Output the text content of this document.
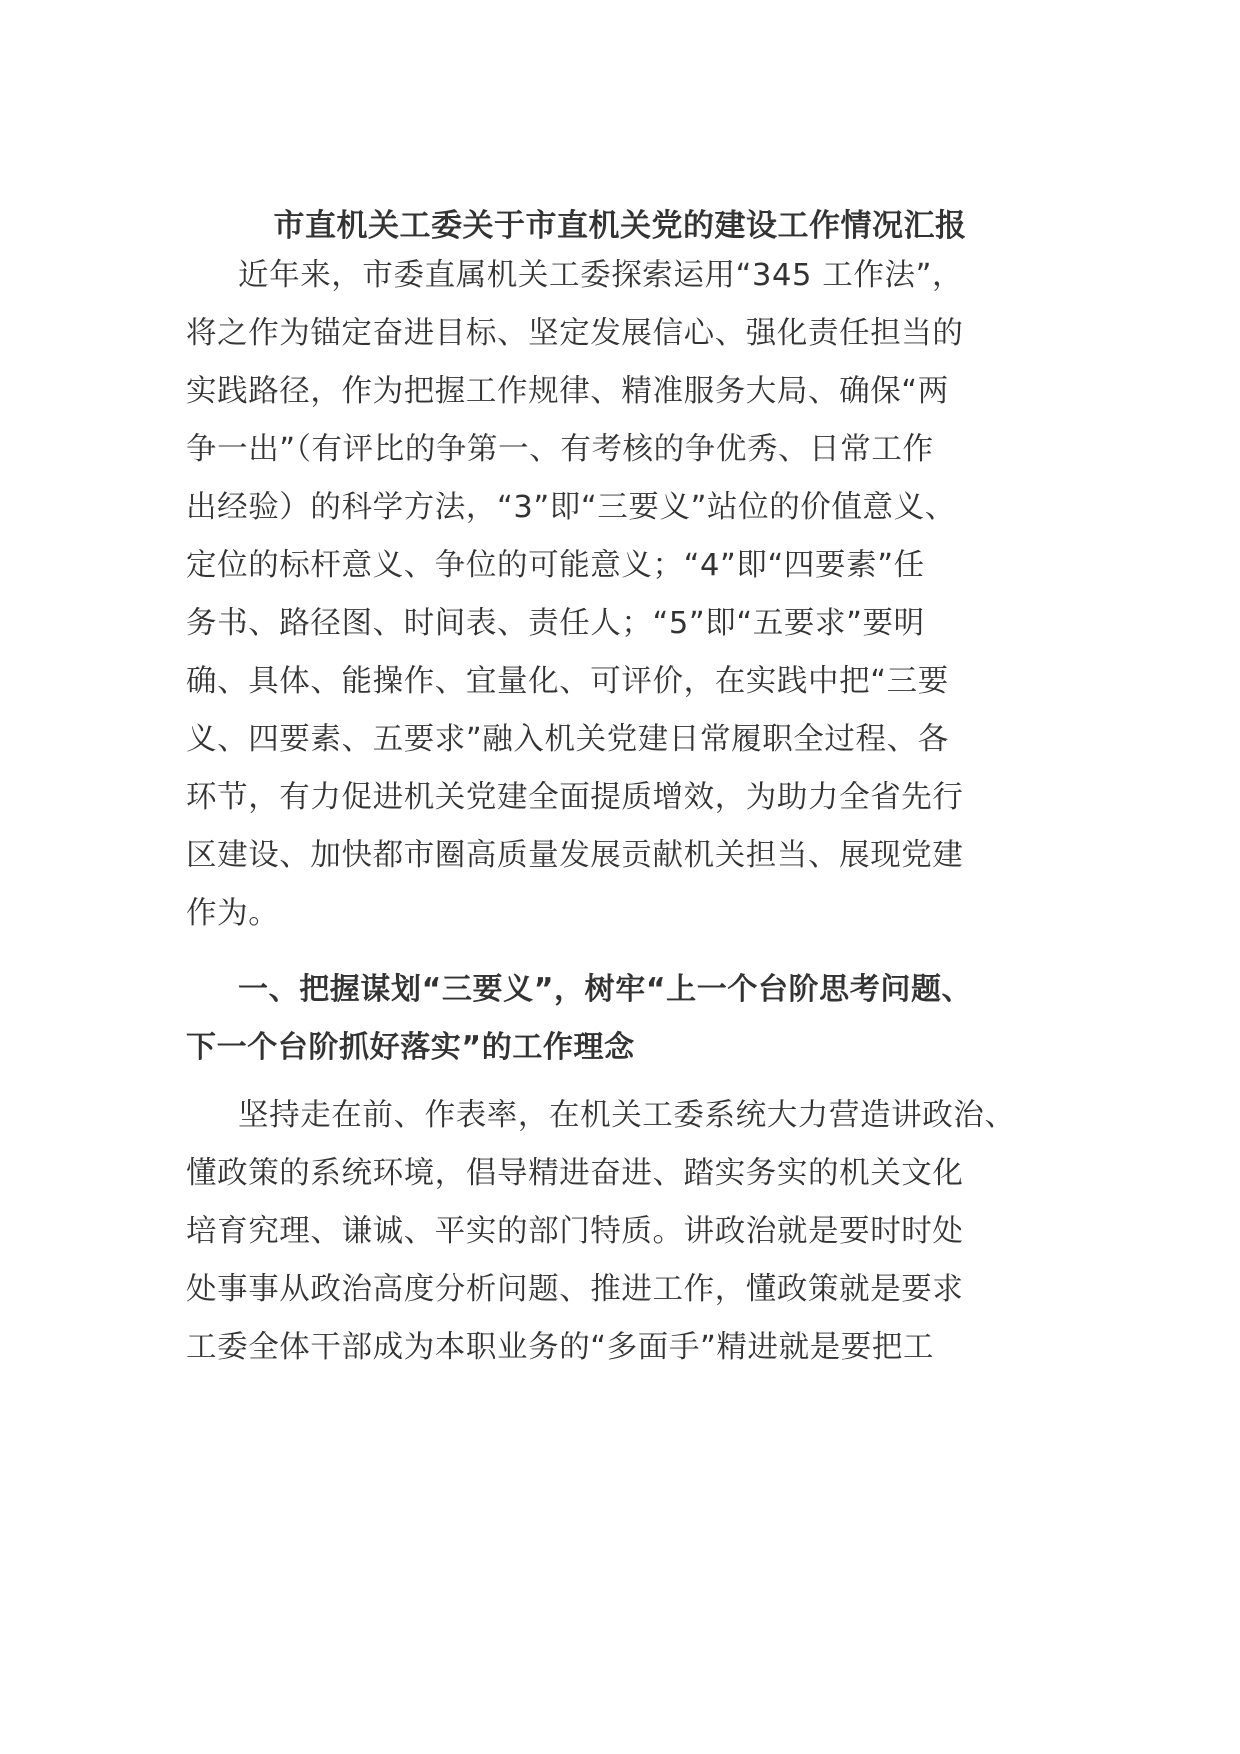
市直机关工委关于市直机关党的建设工作情况汇报

近年来，市委直属机关工委探索运用“345 工作法”，

将之作为锚定奋进目标、坚定发展信心、强化责任担当的

实践路径，作为把握工作规律、精准服务大局、确保“两

争一出”（有评比的争第一、有考核的争优秀、日常工作

出经验）的科学方法，“3”即“三要义”站位的价值意义、

定位的标杆意义、争位的可能意义；“4”即“四要素”任

务书、路径图、时间表、责任人；“5”即“五要求”要明

确、具体、能操作、宜量化、可评价，在实践中把“三要

义、四要素、五要求”融入机关党建日常履职全过程、各

环节，有力促进机关党建全面提质增效，为助力全省先行

区建设、加快都市圈高质量发展贡献机关担当、展现党建

作为。

一、把握谋划“三要义”，树牢“上一个台阶思考问题、

下一个台阶抓好落实”的工作理念

坚持走在前、作表率，在机关工委系统大力营造讲政治、

懂政策的系统环境，倡导精进奋进、踏实务实的机关文化

培育究理、谦诚、平实的部门特质。讲政治就是要时时处

处事事从政治高度分析问题、推进工作，懂政策就是要求

工委全体干部成为本职业务的“多面手”精进就是要把工
